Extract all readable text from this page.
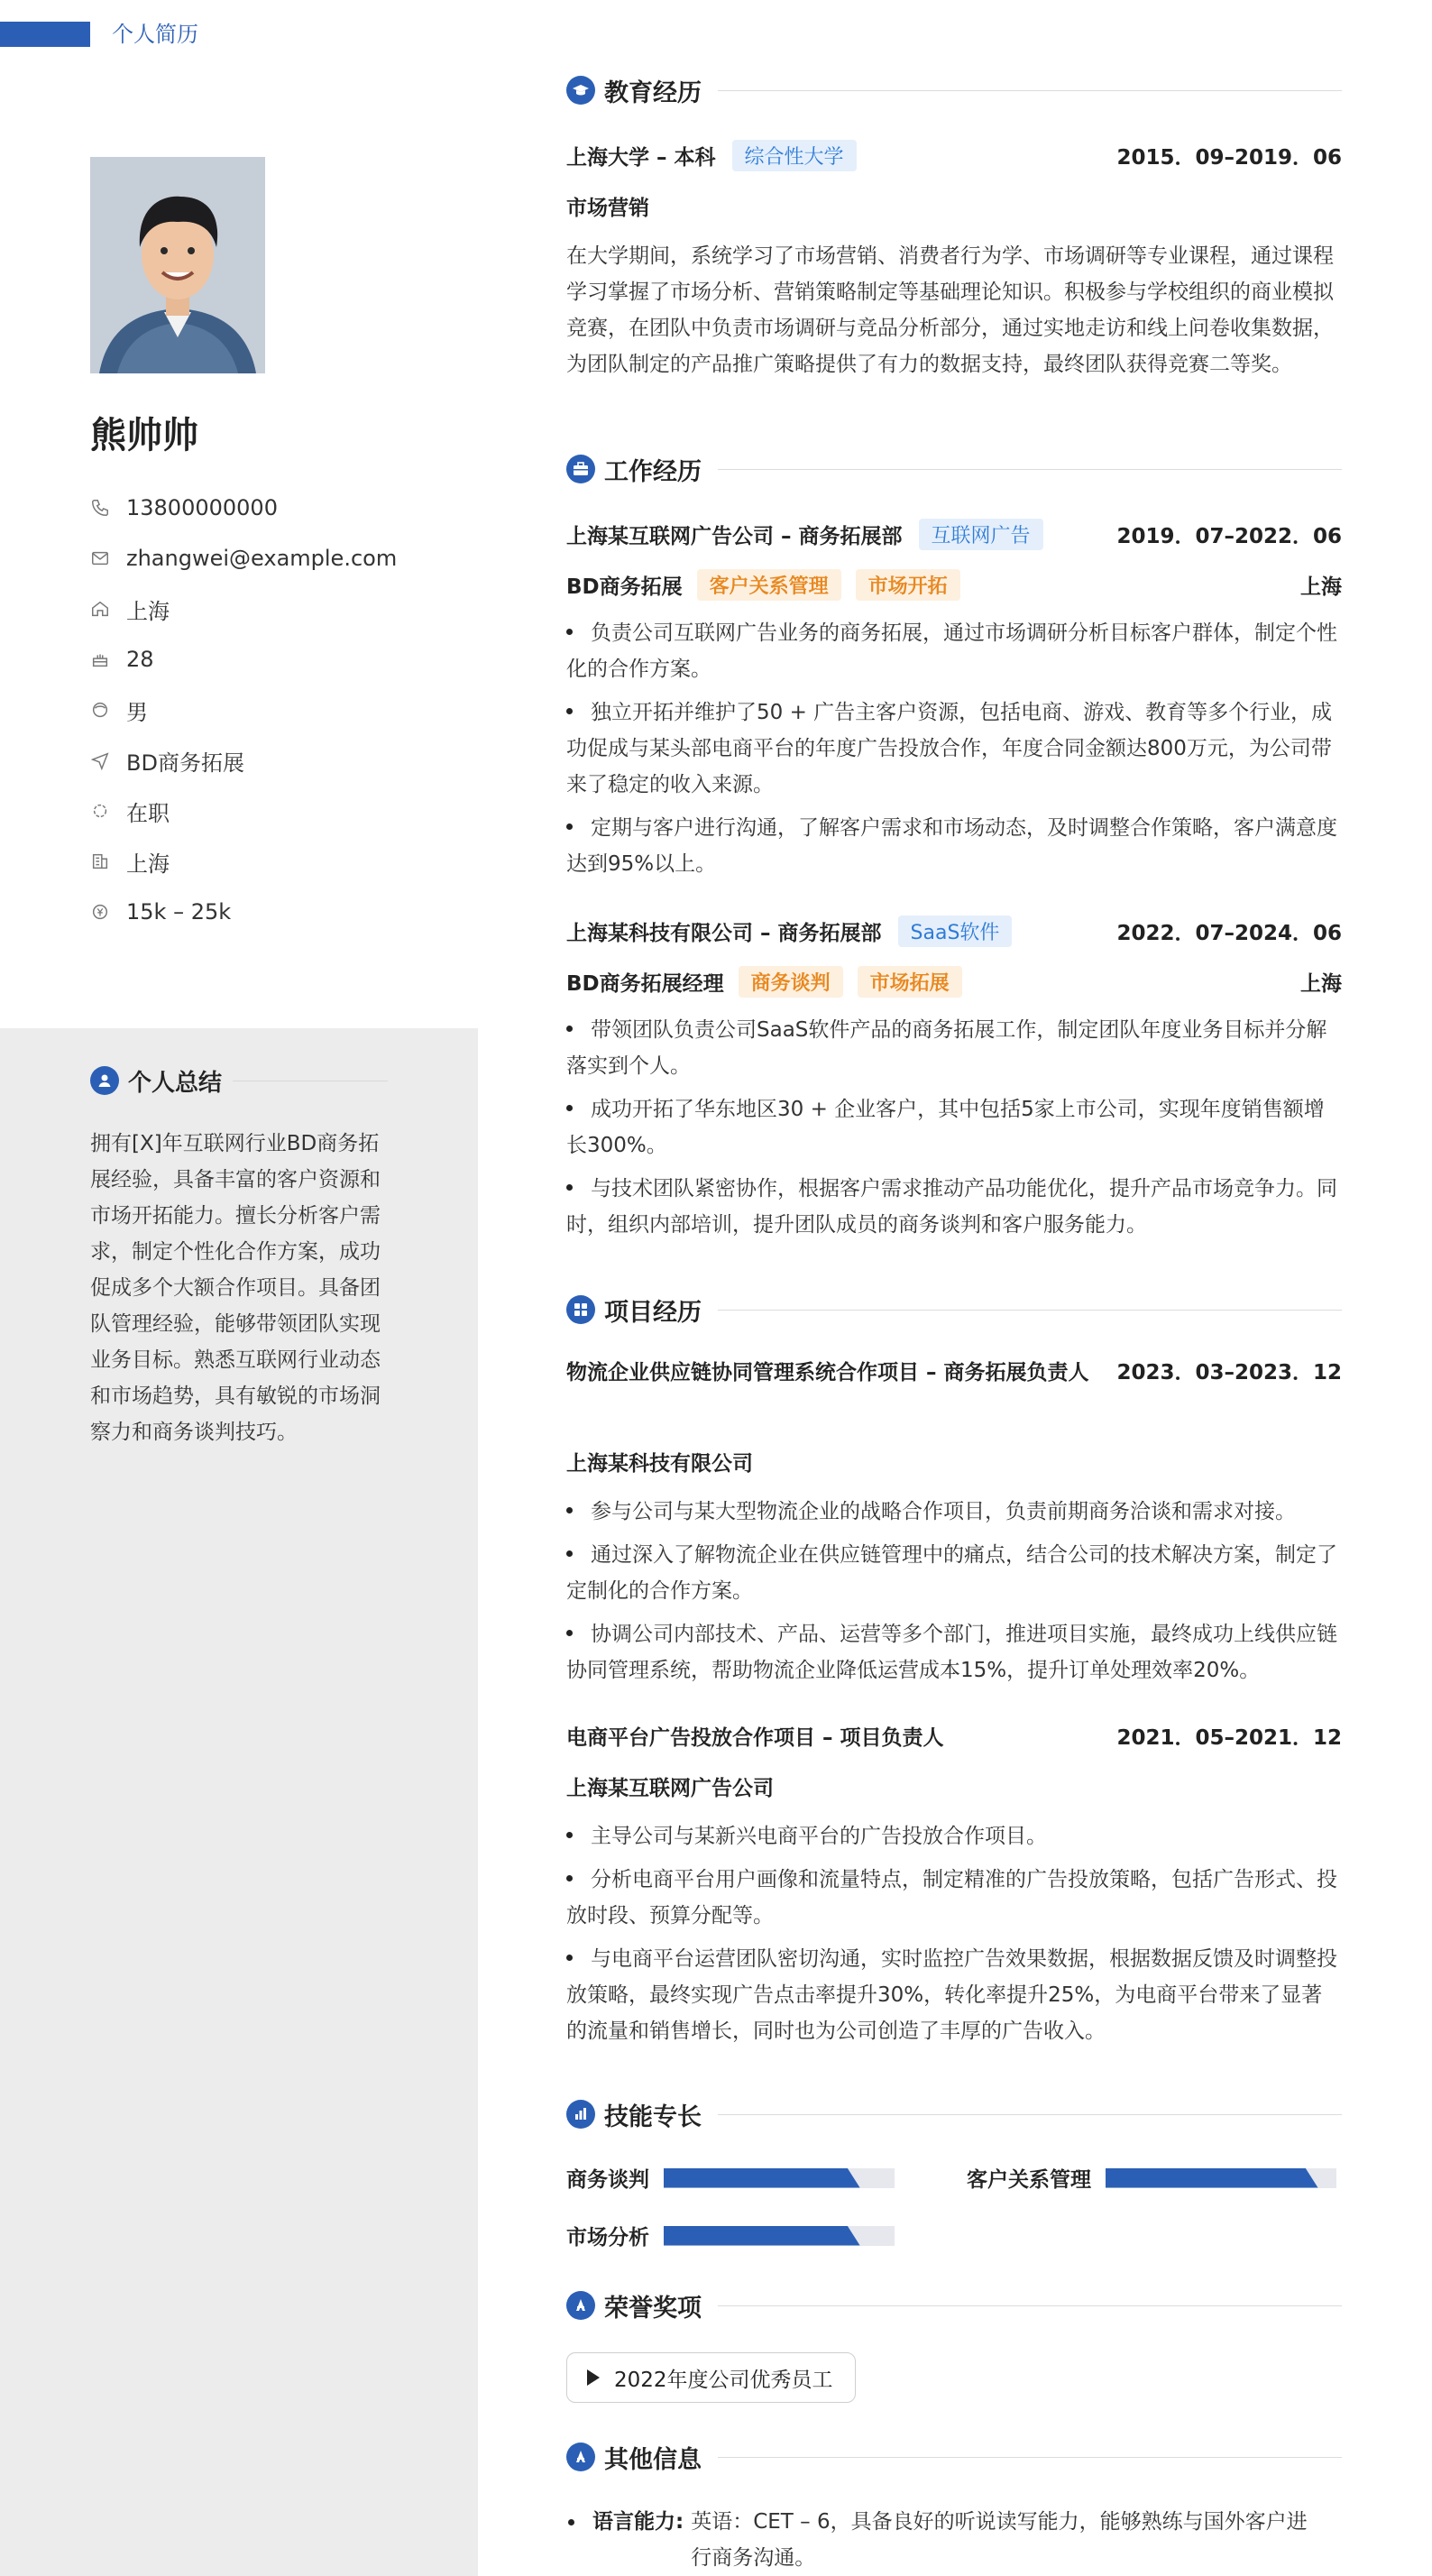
个人简历
熊帅帅
13800000000
zhangwei@example.com
上海
28
男
BD商务拓展
在职
上海
15k – 25k
个人总结
拥有[X]年互联网行业BD商务拓展经验，具备丰富的客户资源和市场开拓能力。擅长分析客户需求，制定个性化合作方案，成功促成多个大额合作项目。具备团队管理经验，能够带领团队实现业务目标。熟悉互联网行业动态和市场趋势，具有敏锐的市场洞察力和商务谈判技巧。
教育经历
上海大学 – 本科	综合性大学	2015．09–2019．06
市场营销
在大学期间，系统学习了市场营销、消费者行为学、市场调研等专业课程，通过课程学习掌握了市场分析、营销策略制定等基础理论知识。积极参与学校组织的商业模拟竞赛，在团队中负责市场调研与竞品分析部分，通过实地走访和线上问卷收集数据，为团队制定的产品推广策略提供了有力的数据支持，最终团队获得竞赛二等奖。
工作经历
上海某互联网广告公司 – 商务拓展部	互联网广告	2019．07–2022．06
BD商务拓展	客户关系管理	市场开拓	上海
负责公司互联网广告业务的商务拓展，通过市场调研分析目标客户群体，制定个性化的合作方案。
独立开拓并维护了50 + 广告主客户资源，包括电商、游戏、教育等多个行业，成功促成与某头部电商平台的年度广告投放合作，年度合同金额达800万元，为公司带来了稳定的收入来源。
定期与客户进行沟通，了解客户需求和市场动态，及时调整合作策略，客户满意度达到95%以上。
上海某科技有限公司 – 商务拓展部	SaaS软件	2022．07–2024．06
BD商务拓展经理	商务谈判	市场拓展	上海
带领团队负责公司SaaS软件产品的商务拓展工作，制定团队年度业务目标并分解落实到个人。
成功开拓了华东地区30 + 企业客户，其中包括5家上市公司，实现年度销售额增长300%。
与技术团队紧密协作，根据客户需求推动产品功能优化，提升产品市场竞争力。同时，组织内部培训，提升团队成员的商务谈判和客户服务能力。
项目经历
物流企业供应链协同管理系统合作项目 – 商务拓展负责人	2023．03–2023．12
上海某科技有限公司
参与公司与某大型物流企业的战略合作项目，负责前期商务洽谈和需求对接。
通过深入了解物流企业在供应链管理中的痛点，结合公司的技术解决方案，制定了定制化的合作方案。
协调公司内部技术、产品、运营等多个部门，推进项目实施，最终成功上线供应链协同管理系统，帮助物流企业降低运营成本15%，提升订单处理效率20%。
电商平台广告投放合作项目 – 项目负责人	2021．05–2021．12
上海某互联网广告公司
主导公司与某新兴电商平台的广告投放合作项目。
分析电商平台用户画像和流量特点，制定精准的广告投放策略，包括广告形式、投放时段、预算分配等。
与电商平台运营团队密切沟通，实时监控广告效果数据，根据数据反馈及时调整投放策略，最终实现广告点击率提升30%，转化率提升25%，为电商平台带来了显著的流量和销售增长，同时也为公司创造了丰厚的广告收入。
技能专长
商务谈判	客户关系管理
市场分析
荣誉奖项
2022年度公司优秀员工
其他信息
语言能力: 英语：CET – 6，具备良好的听说读写能力，能够熟练与国外客户进行商务沟通。
